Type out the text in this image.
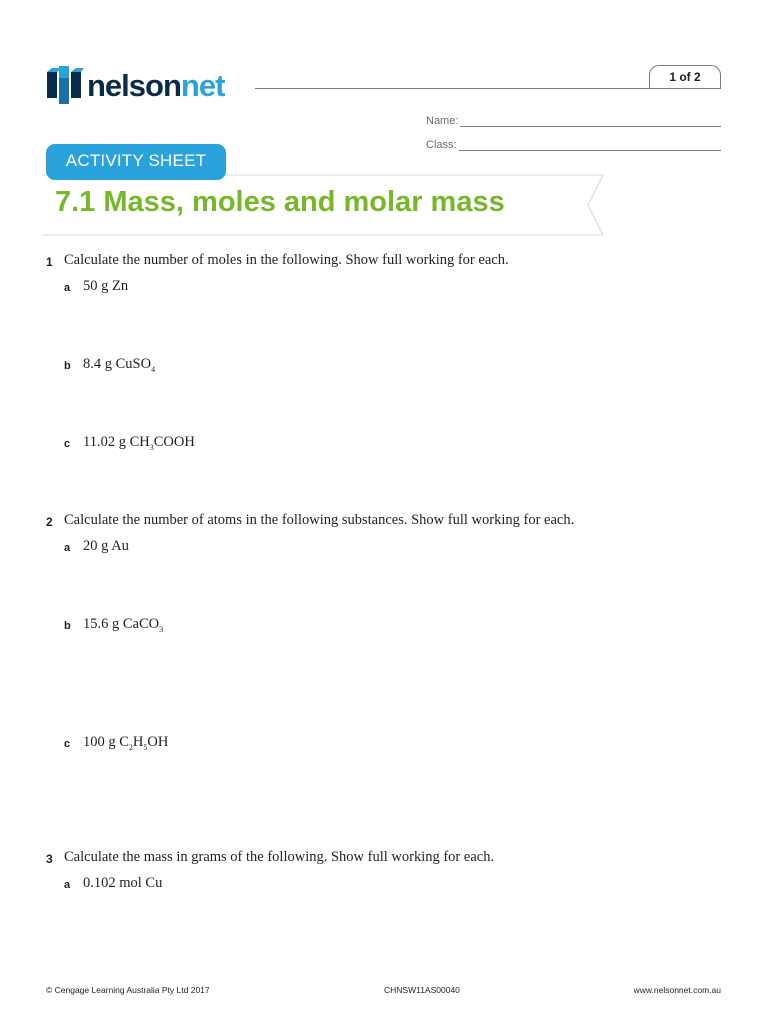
nelsonnet	1 of 2
Name:
Class:
7.1 Mass, moles and molar mass
ACTIVITY SHEET
1 Calculate the number of moles in the following. Show full working for each.
a 50 g Zn
b 8.4 g CuSO$_4$
c 11.02 g $CH_3COOH$
2 Calculate the number of atoms in the following substances. Show full working for each.
a 20 g Au
b 15.6 g CaCO$_3$
c 100 g $C_2H_5OH$
3 Calculate the mass in grams of the following. Show full working for each.
a 0.102 mol Cu
© Cengage Learning Australia Pty Ltd 2017	CHNSW11AS00040	www.nelsonnet.com.au
